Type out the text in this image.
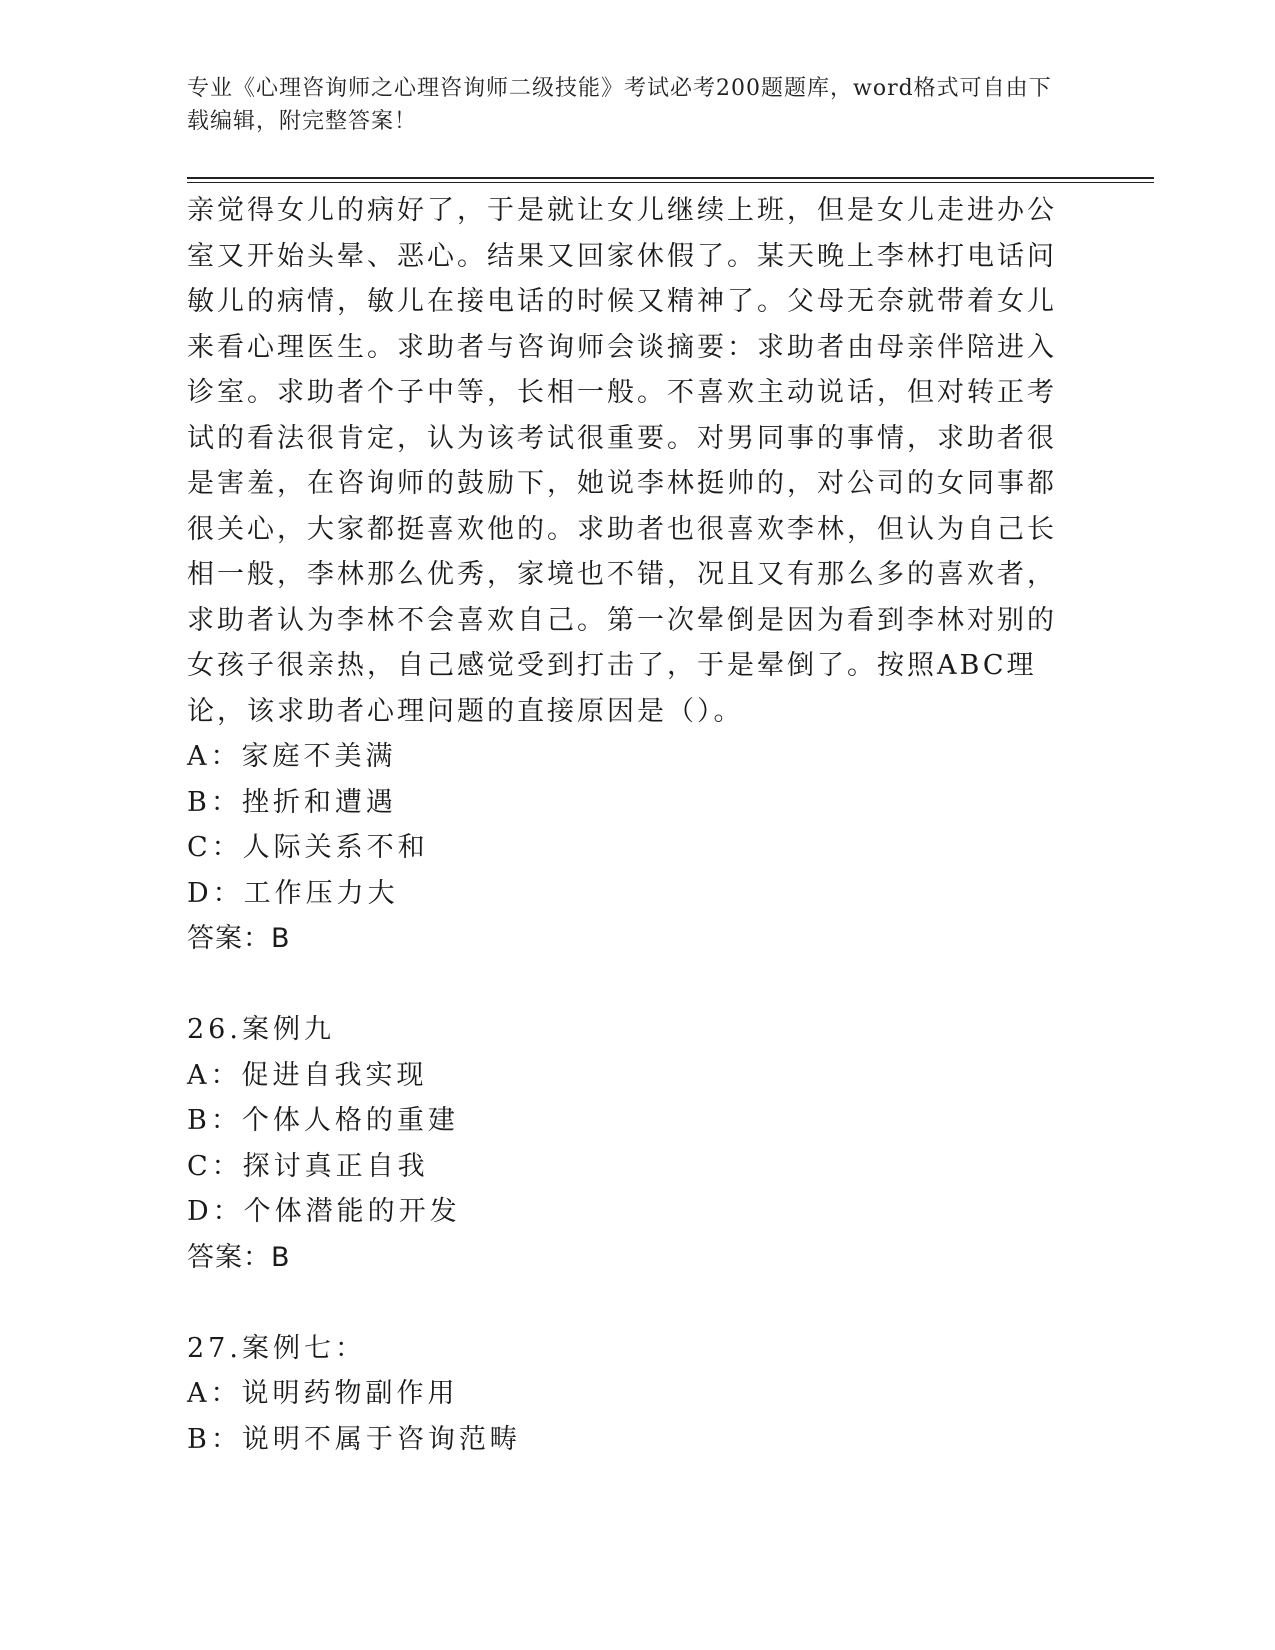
专业《心理咨询师之心理咨询师二级技能》考试必考200题题库，word格式可自由下载编辑，附完整答案！

亲觉得女儿的病好了，于是就让女儿继续上班，但是女儿走进办公室又开始头晕、恶心。结果又回家休假了。某天晚上李林打电话问敏儿的病情，敏儿在接电话的时候又精神了。父母无奈就带着女儿来看心理医生。求助者与咨询师会谈摘要：求助者由母亲伴陪进入诊室。求助者个子中等，长相一般。不喜欢主动说话，但对转正考试的看法很肯定，认为该考试很重要。对男同事的事情，求助者很是害羞，在咨询师的鼓励下，她说李林挺帅的，对公司的女同事都很关心，大家都挺喜欢他的。求助者也很喜欢李林，但认为自己长相一般，李林那么优秀，家境也不错，况且又有那么多的喜欢者，求助者认为李林不会喜欢自己。第一次晕倒是因为看到李林对别的女孩子很亲热，自己感觉受到打击了，于是晕倒了。按照ABC理论，该求助者心理问题的直接原因是（）。

A：家庭不美满

B：挫折和遭遇

C：人际关系不和

D：工作压力大

答案：B

26.案例九

A：促进自我实现

B：个体人格的重建

C：探讨真正自我

D：个体潜能的开发

答案：B

27.案例七：

A：说明药物副作用

B：说明不属于咨询范畴
